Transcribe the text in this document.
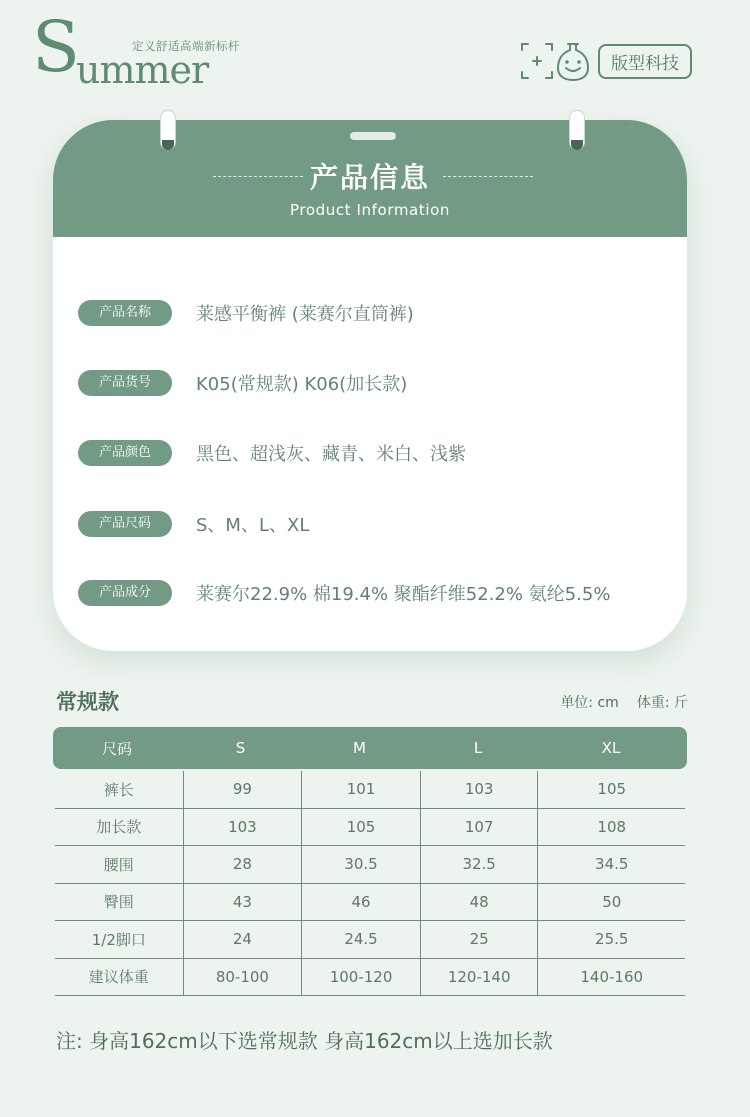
S
ummer
定义舒适高端新标杆
版型科技
产品信息
Product Information
产品名称	莱感平衡裤 (莱赛尔直筒裤)
产品货号	K05(常规款) K06(加长款)
产品颜色	黑色、超浅灰、藏青、米白、浅紫
产品尺码	S、M、L、XL
产品成分	莱赛尔22.9% 棉19.4% 聚酯纤维52.2% 氨纶5.5%
常规款	单位: cm 体重: 斤
尺码	S	M	L	XL
裤长	99	101	103	105
加长款	103	105	107	108
腰围	28	30.5	32.5	34.5
臀围	43	46	48	50
1/2脚口	24	24.5	25	25.5
建议体重	80-100	100-120	120-140	140-160
注: 身高162cm以下选常规款 身高162cm以上选加长款
